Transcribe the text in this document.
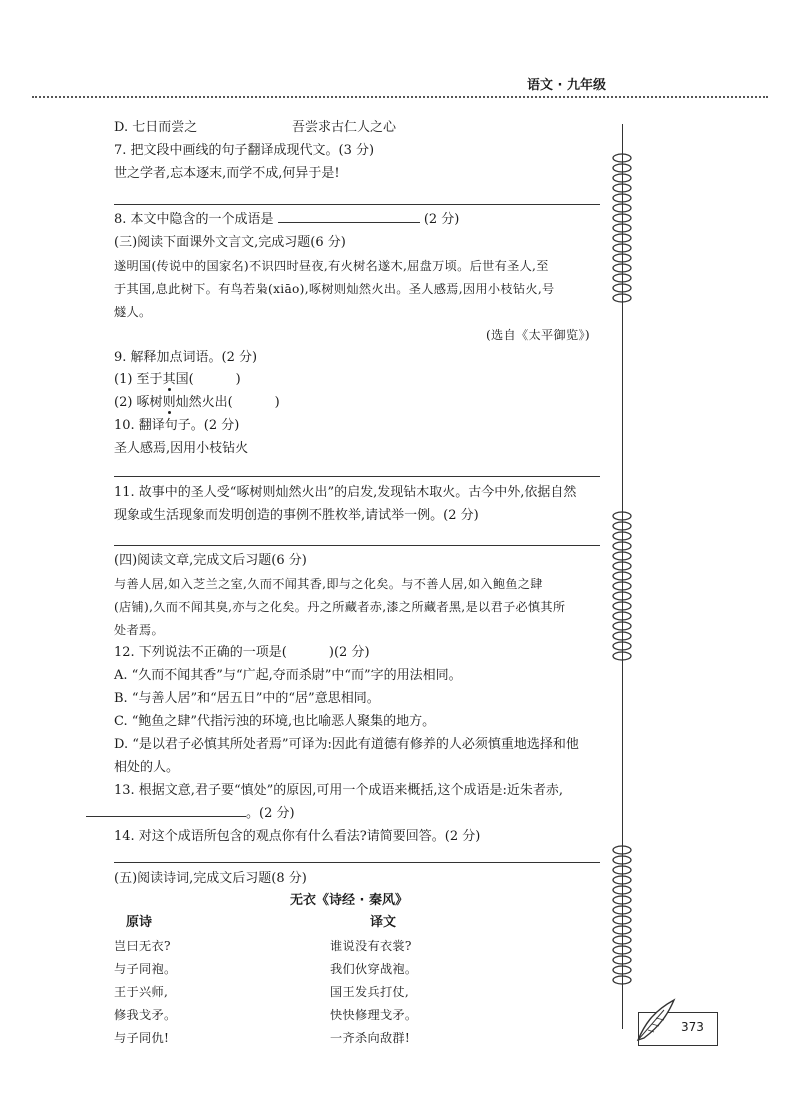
语文 · 九年级
D. 七日而尝之	吾尝求古仁人之心
7. 把文段中画线的句子翻译成现代文。(3 分)
世之学者,忘本逐末,而学不成,何异于是!
8. 本文中隐含的一个成语是	(2 分)
(三)阅读下面课外文言文,完成习题(6 分)
遂明国(传说中的国家名)不识四时昼夜,有火树名遂木,屈盘万顷。后世有圣人,至
于其国,息此树下。有鸟若枭(xiāo),啄树则灿然火出。圣人感焉,因用小枝钻火,号
燧人。
(选自《太平御览》)
9. 解释加点词语。(2 分)
(1) 至于其国(	)
(2) 啄树则灿然火出(	)
10. 翻译句子。(2 分)
圣人感焉,因用小枝钻火
11. 故事中的圣人受“啄树则灿然火出”的启发,发现钻木取火。古今中外,依据自然
现象或生活现象而发明创造的事例不胜枚举,请试举一例。(2 分)
(四)阅读文章,完成文后习题(6 分)
与善人居,如入芝兰之室,久而不闻其香,即与之化矣。与不善人居,如入鲍鱼之肆
(店铺),久而不闻其臭,亦与之化矣。丹之所藏者赤,漆之所藏者黑,是以君子必慎其所
处者焉。
12. 下列说法不正确的一项是(	)(2 分)
A. “久而不闻其香”与“广起,夺而杀尉”中“而”字的用法相同。
B. “与善人居”和“居五日”中的“居”意思相同。
C. “鲍鱼之肆”代指污浊的环境,也比喻恶人聚集的地方。
D. “是以君子必慎其所处者焉”可译为:因此有道德有修养的人必须慎重地选择和他
相处的人。
13. 根据文意,君子要“慎处”的原因,可用一个成语来概括,这个成语是:近朱者赤,
。(2 分)
14. 对这个成语所包含的观点你有什么看法?请简要回答。(2 分)
(五)阅读诗词,完成文后习题(8 分)
无衣《诗经 · 秦风》
原诗	译文
岂曰无衣?	谁说没有衣裳?
与子同袍。	我们伙穿战袍。
王于兴师,	国王发兵打仗,
修我戈矛。	快快修理戈矛。
与子同仇!	一齐杀向敌群!
373
